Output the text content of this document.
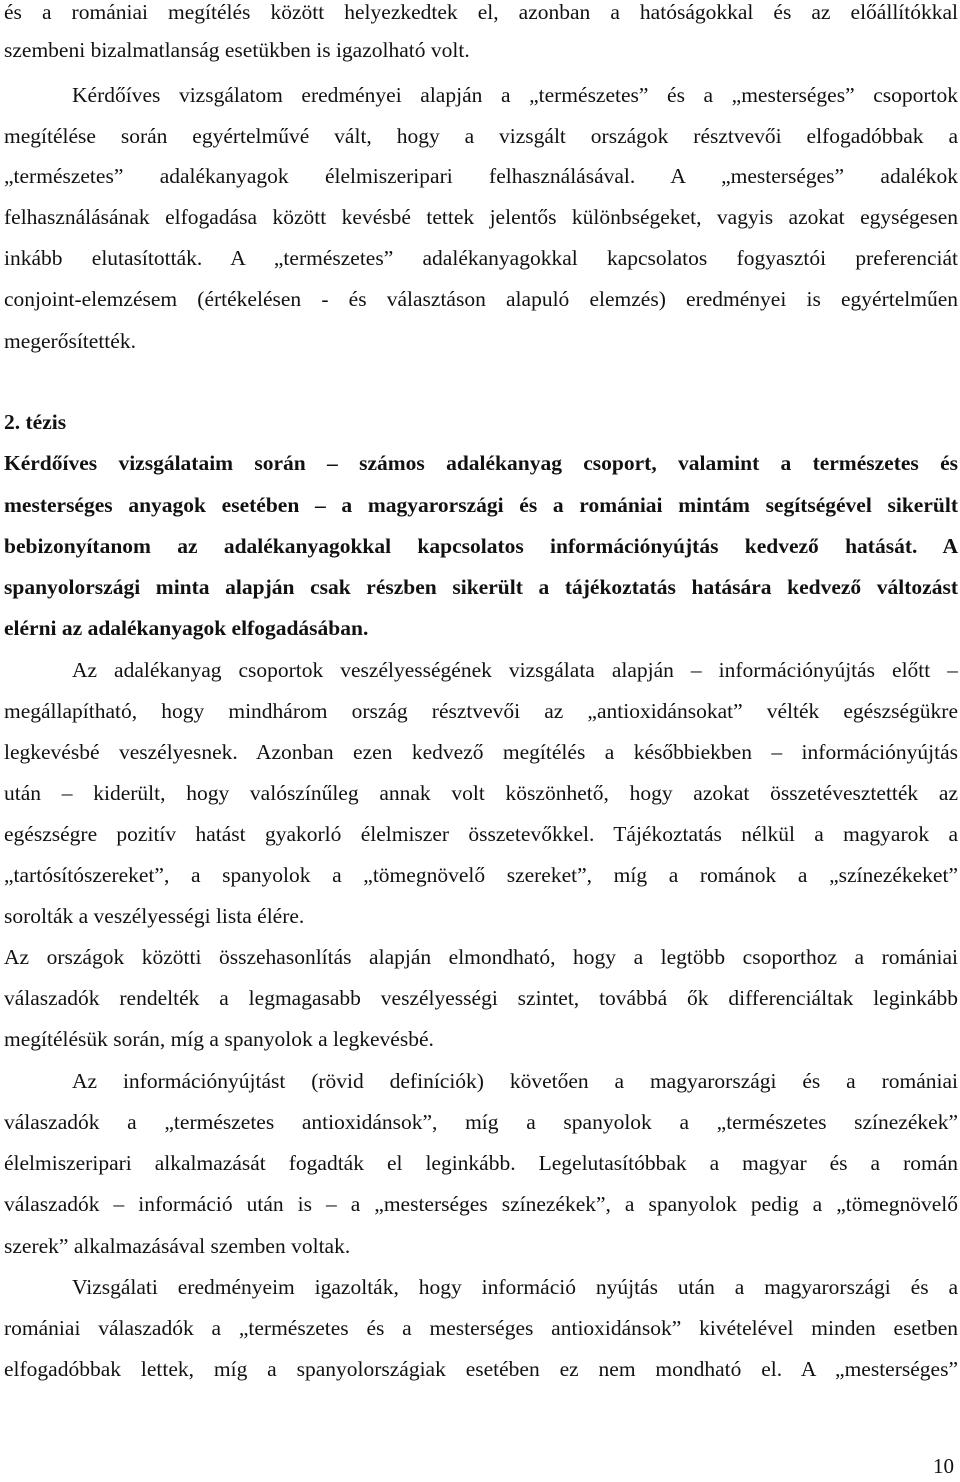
és a romániai megítélés között helyezkedtek el, azonban a hatóságokkal és az előállítókkal
szembeni bizalmatlanság esetükben is igazolható volt.
Kérdőíves vizsgálatom eredményei alapján a „természetes” és a „mesterséges” csoportok
megítélése során egyértelművé vált, hogy a vizsgált országok résztvevői elfogadóbbak a
„természetes” adalékanyagok élelmiszeripari felhasználásával. A „mesterséges” adalékok
felhasználásának elfogadása között kevésbé tettek jelentős különbségeket, vagyis azokat egységesen
inkább elutasították. A „természetes” adalékanyagokkal kapcsolatos fogyasztói preferenciát
conjoint-elemzésem (értékelésen - és választáson alapuló elemzés) eredményei is egyértelműen
megerősítették.
2. tézis
Kérdőíves vizsgálataim során – számos adalékanyag csoport, valamint a természetes és
mesterséges anyagok esetében – a magyarországi és a romániai mintám segítségével sikerült
bebizonyítanom az adalékanyagokkal kapcsolatos információnyújtás kedvező hatását. A
spanyolországi minta alapján csak részben sikerült a tájékoztatás hatására kedvező változást
elérni az adalékanyagok elfogadásában.
Az adalékanyag csoportok veszélyességének vizsgálata alapján – információnyújtás előtt –
megállapítható, hogy mindhárom ország résztvevői az „antioxidánsokat” vélték egészségükre
legkevésbé veszélyesnek. Azonban ezen kedvező megítélés a későbbiekben – információnyújtás
után – kiderült, hogy valószínűleg annak volt köszönhető, hogy azokat összetévesztették az
egészségre pozitív hatást gyakorló élelmiszer összetevőkkel. Tájékoztatás nélkül a magyarok a
„tartósítószereket”, a spanyolok a „tömegnövelő szereket”, míg a románok a „színezékeket”
sorolták a veszélyességi lista élére.
Az országok közötti összehasonlítás alapján elmondható, hogy a legtöbb csoporthoz a romániai
válaszadók rendelték a legmagasabb veszélyességi szintet, továbbá ők differenciáltak leginkább
megítélésük során, míg a spanyolok a legkevésbé.
Az információnyújtást (rövid definíciók) követően a magyarországi és a romániai
válaszadók a „természetes antioxidánsok”, míg a spanyolok a „természetes színezékek”
élelmiszeripari alkalmazását fogadták el leginkább. Legelutasítóbbak a magyar és a román
válaszadók – információ után is – a „mesterséges színezékek”, a spanyolok pedig a „tömegnövelő
szerek” alkalmazásával szemben voltak.
Vizsgálati eredményeim igazolták, hogy információ nyújtás után a magyarországi és a
romániai válaszadók a „természetes és a mesterséges antioxidánsok” kivételével minden esetben
elfogadóbbak lettek, míg a spanyolországiak esetében ez nem mondható el. A „mesterséges”
10
